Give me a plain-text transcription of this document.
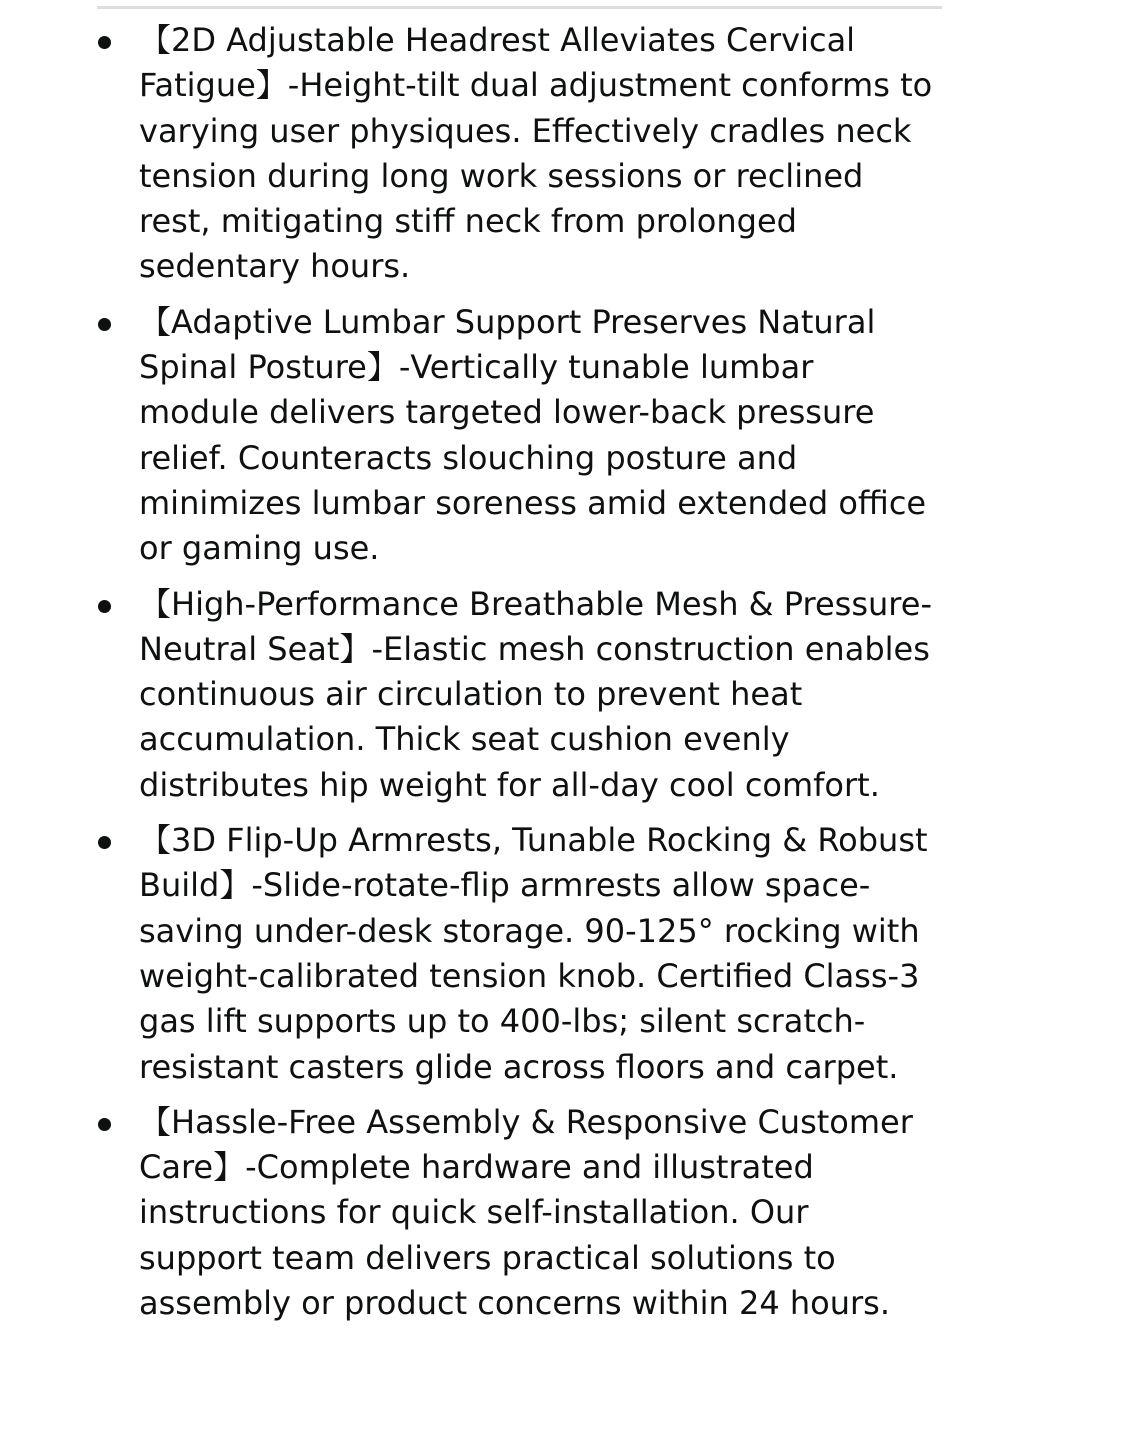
【2D Adjustable Headrest Alleviates Cervical Fatigue】-Height-tilt dual adjustment conforms to varying user physiques. Effectively cradles neck tension during long work sessions or reclined rest, mitigating stiff neck from prolonged sedentary hours.
【Adaptive Lumbar Support Preserves Natural Spinal Posture】-Vertically tunable lumbar module delivers targeted lower-back pressure relief. Counteracts slouching posture and minimizes lumbar soreness amid extended office or gaming use.
【High-Performance Breathable Mesh & Pressure-Neutral Seat】-Elastic mesh construction enables continuous air circulation to prevent heat accumulation. Thick seat cushion evenly distributes hip weight for all-day cool comfort.
【3D Flip-Up Armrests, Tunable Rocking & Robust Build】-Slide-rotate-flip armrests allow space-saving under-desk storage. 90-125° rocking with weight-calibrated tension knob. Certified Class-3 gas lift supports up to 400-lbs; silent scratch-resistant casters glide across floors and carpet.
【Hassle-Free Assembly & Responsive Customer Care】-Complete hardware and illustrated instructions for quick self-installation. Our support team delivers practical solutions to assembly or product concerns within 24 hours.
